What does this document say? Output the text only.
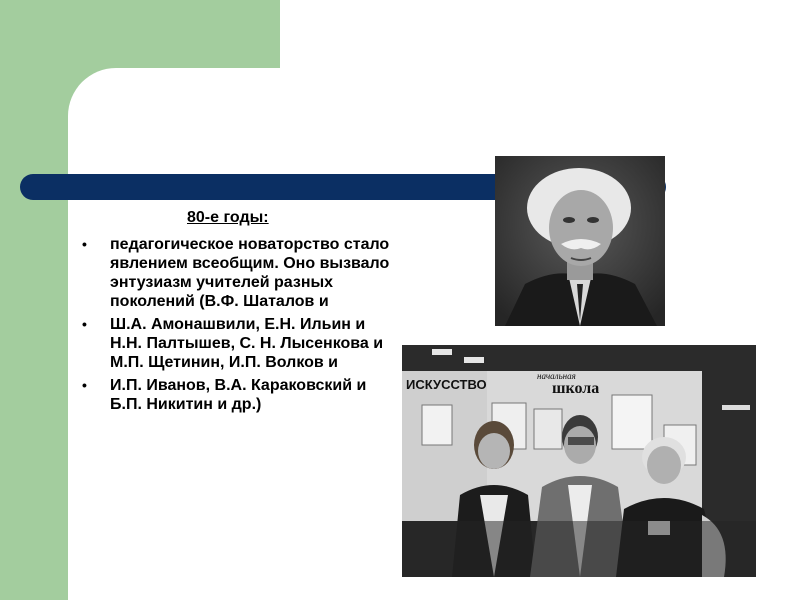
80-е годы:
• педагогическое новаторство стало явлением всеобщим. Оно вызвало энтузиазм учителей разных поколений (В.Ф. Шаталов и
• Ш.А. Амонашвили, Е.Н. Ильин и Н.Н. Палтышев, С. Н. Лысенкова и М.П. Щетинин, И.П. Волков и
• И.П. Иванов, В.А. Караковский и Б.П. Никитин и др.)
ИСКУССТВО
начальная
школа
